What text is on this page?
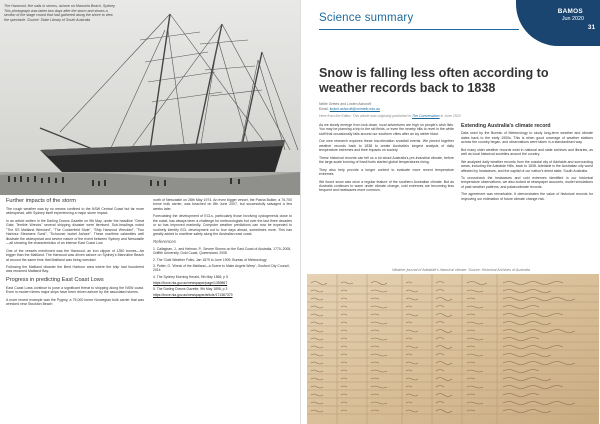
The Harwood, five sails in storms, ashore on Manuela Beach, Sydney. This photograph was taken two days after the storm and shows a section of the stage crowd that had gathered along the shore to view the spectacle. Source: State Library of South Australia
Further impacts of the storm

The rough weather was by no means confined to the NSW Central Coast but far more widespread, with Sydney itself experiencing a major storm impact.

In an article written in the Darling Downs Gazette on 9th May, under the headline "Great Gale, Terrible Wrecks" several shipping disaster were itemised. Sub-headings noted "The SS Maitland Wrecked", "The Cuckerfield Stole", "Ship Harwood Wrecked", "Two Harbour Steamers Sunk", "Schooner Isobel Ashore". These maritime calamities well illustrate the widespread and severe nature of the event between Sydney and Newcastle—all showing the characteristics of an intense East Coast Low.

One of the vessels mentioned was the Harwood, an iron clipper of 1350 tonnes—far bigger than the Maitland. The Harwood was driven ashore on Sydney's Manruline Beach at around the same time that Maitland was being wrecked.

Following the Maitland disaster the Bent Harbour area where the ship had foundered was renamed Maitland Bay.

Progress in predicting East Coast Lows

East Coast Lows continue to pose a significant threat to shipping along the NSW coast. Even in modern times major ships have been driven ashore by the associated storms.

A more recent example was the Pygmy, a 75,000 tonne Norwegian bulk carrier that was wrecked near Stockton Beach

north of Newcastle on 28th May 1974. An even bigger vessel, the Pasha Bulker, a 76,700 tonne bulk carrier, was beached on 8th June 2007, but successfully salvaged a few weeks later.

Forecasting the development of ECLs, particularly those involving cyclogenesis close to the coast, has always been a challenge for meteorologists but over the last three decades or so has improved markedly. Computer weather predictions can now be expected to routinely identify ECL development out to four days ahead, sometimes more. This has greatly added to maritime safety along the Australian east coast.

References
1. Callaghan, J., and Helman, P., Severe Storms on the East Coast of Australia, 1770–2008, Griffith University, Gold Coast, Queensland, 2008
2. The 'Gold Weather Folks, Jan 1879 to June 1909, Bureau of Meteorology
3. Potter, G. 'Wreck of the Maitland—a Scene to Make Angels Weep', Gosford City Council, 2014
4. The Sydney Morning Herald, 9th May 1866, p 5
https://trove.nla.gov.au/newspaper/page/1359867
5. The Darling Downs Gazette, 9th May 1898, p 3
https://trove.nla.gov.au/newspaper/article/171387379
Science summary
BAMOS
Jun 2020
31
Snow is falling less often according to weather records back to 1838
Nellie Gretes and Linden Ashcroft
Email: linden.ashcroft@unimelb.edu.au
Here from the Editor: This article was originally published in The Conversation in June 2020

As we slowly emerge from lock-down, local adventures are high on people's wish lists. You may be planning a trip to the ski fields, or even the nearby hills to revel in the white stuff that occasionally falls around our southern cities after an icy winter blast.

Our new research explores these low-elevation snowfall events. We pieced together weather records back to 1838 to create Australia's longest analysis of daily temperature extremes and their impacts on society.

These historical records can tell us a lot about Australia's pre-industrial climate, before the large-scale burning of fossil fuels started global temperatures rising.

They also help provide a longer context to evaluate more recent temperature extremes.

We found snow was once a regular feature of the southern Australian climate. But as Australia continues to warm under climate change, cold extremes are becoming less frequent and heatwaves more common.

Extending Australia's climate record

Data used by the Bureau of Meteorology to study long-term weather and climate dates back to the early 1900s. This is when good coverage of weather stations across the country began, and observations were taken in a standardised way.

But many older weather records exist in national and state archives and libraries, as well as local historical societies around the country.

We analysed daily weather records from the coastal city of Adelaide and surrounding areas, including the Adelaide Hills, back to 1838. Adelaide is the Australian city worst affected by heatwaves, and the capital of our nation's driest state, South Australia.

To crosscheck the heatwaves and cold extremes identified in our historical temperature observations, we also looked at newspaper accounts, model simulations of past weather patterns, and palaeoclimate records.

The agreement was remarkable. It demonstrates the value of historical records for improving our estimation of future climate change risk.

Weather journal of Adelaide's historical climate. Source: Historical Archives of Australia
